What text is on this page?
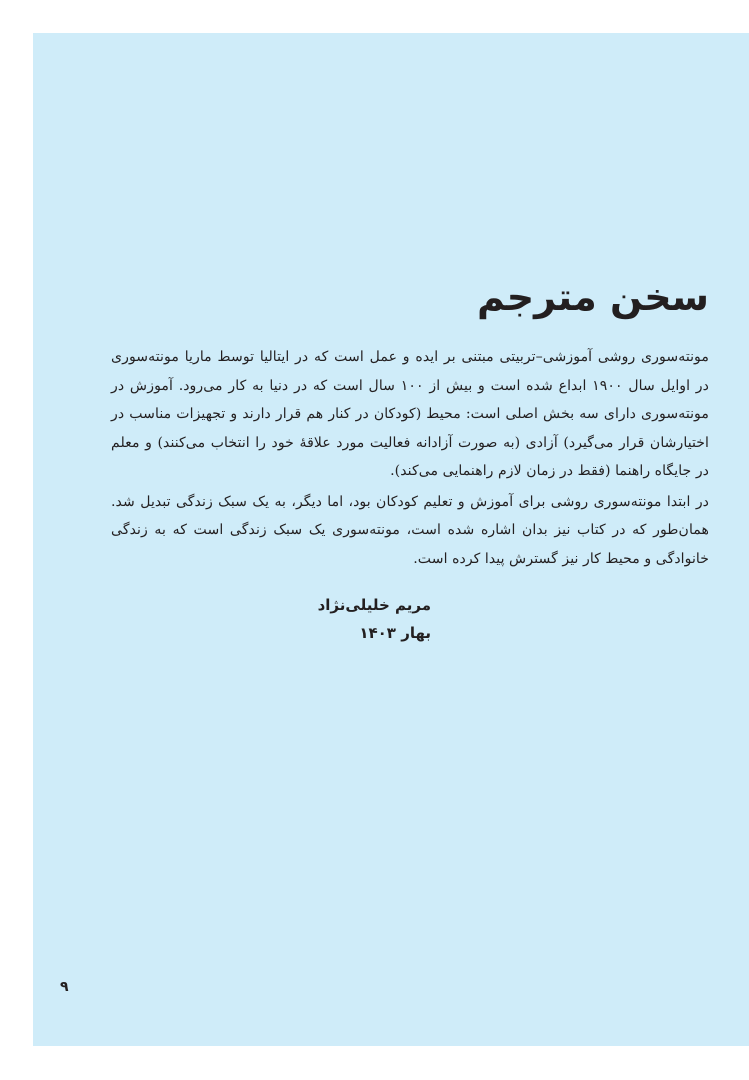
سخن مترجم

مونته‌سوری روشی آموزشی–تربیتی مبتنی بر ایده و عمل است که در ایتالیا توسط ماریا مونته‌سوری در اوایل سال ۱۹۰۰ ابداع شده است و بیش از ۱۰۰ سال است که در دنیا به کار می‌رود. آموزش در مونته‌سوری دارای سه بخش اصلی است: محیط (کودکان در کنار هم قرار دارند و تجهیزات مناسب در اختیارشان قرار می‌گیرد) آزادی (به صورت آزادانه فعالیت مورد علاقهٔ خود را انتخاب می‌کنند) و معلم در جایگاه راهنما (فقط در زمان لازم راهنمایی می‌کند).

در ابتدا مونته‌سوری روشی برای آموزش و تعلیم کودکان بود، اما دیگر، به یک سبک زندگی تبدیل شد. همان‌طور که در کتاب نیز بدان اشاره شده است، مونته‌سوری یک سبک زندگی است که به زندگی خانوادگی و محیط کار نیز گسترش پیدا کرده است.

مریم خلیلی‌نژاد
بهار ۱۴۰۳
۹
